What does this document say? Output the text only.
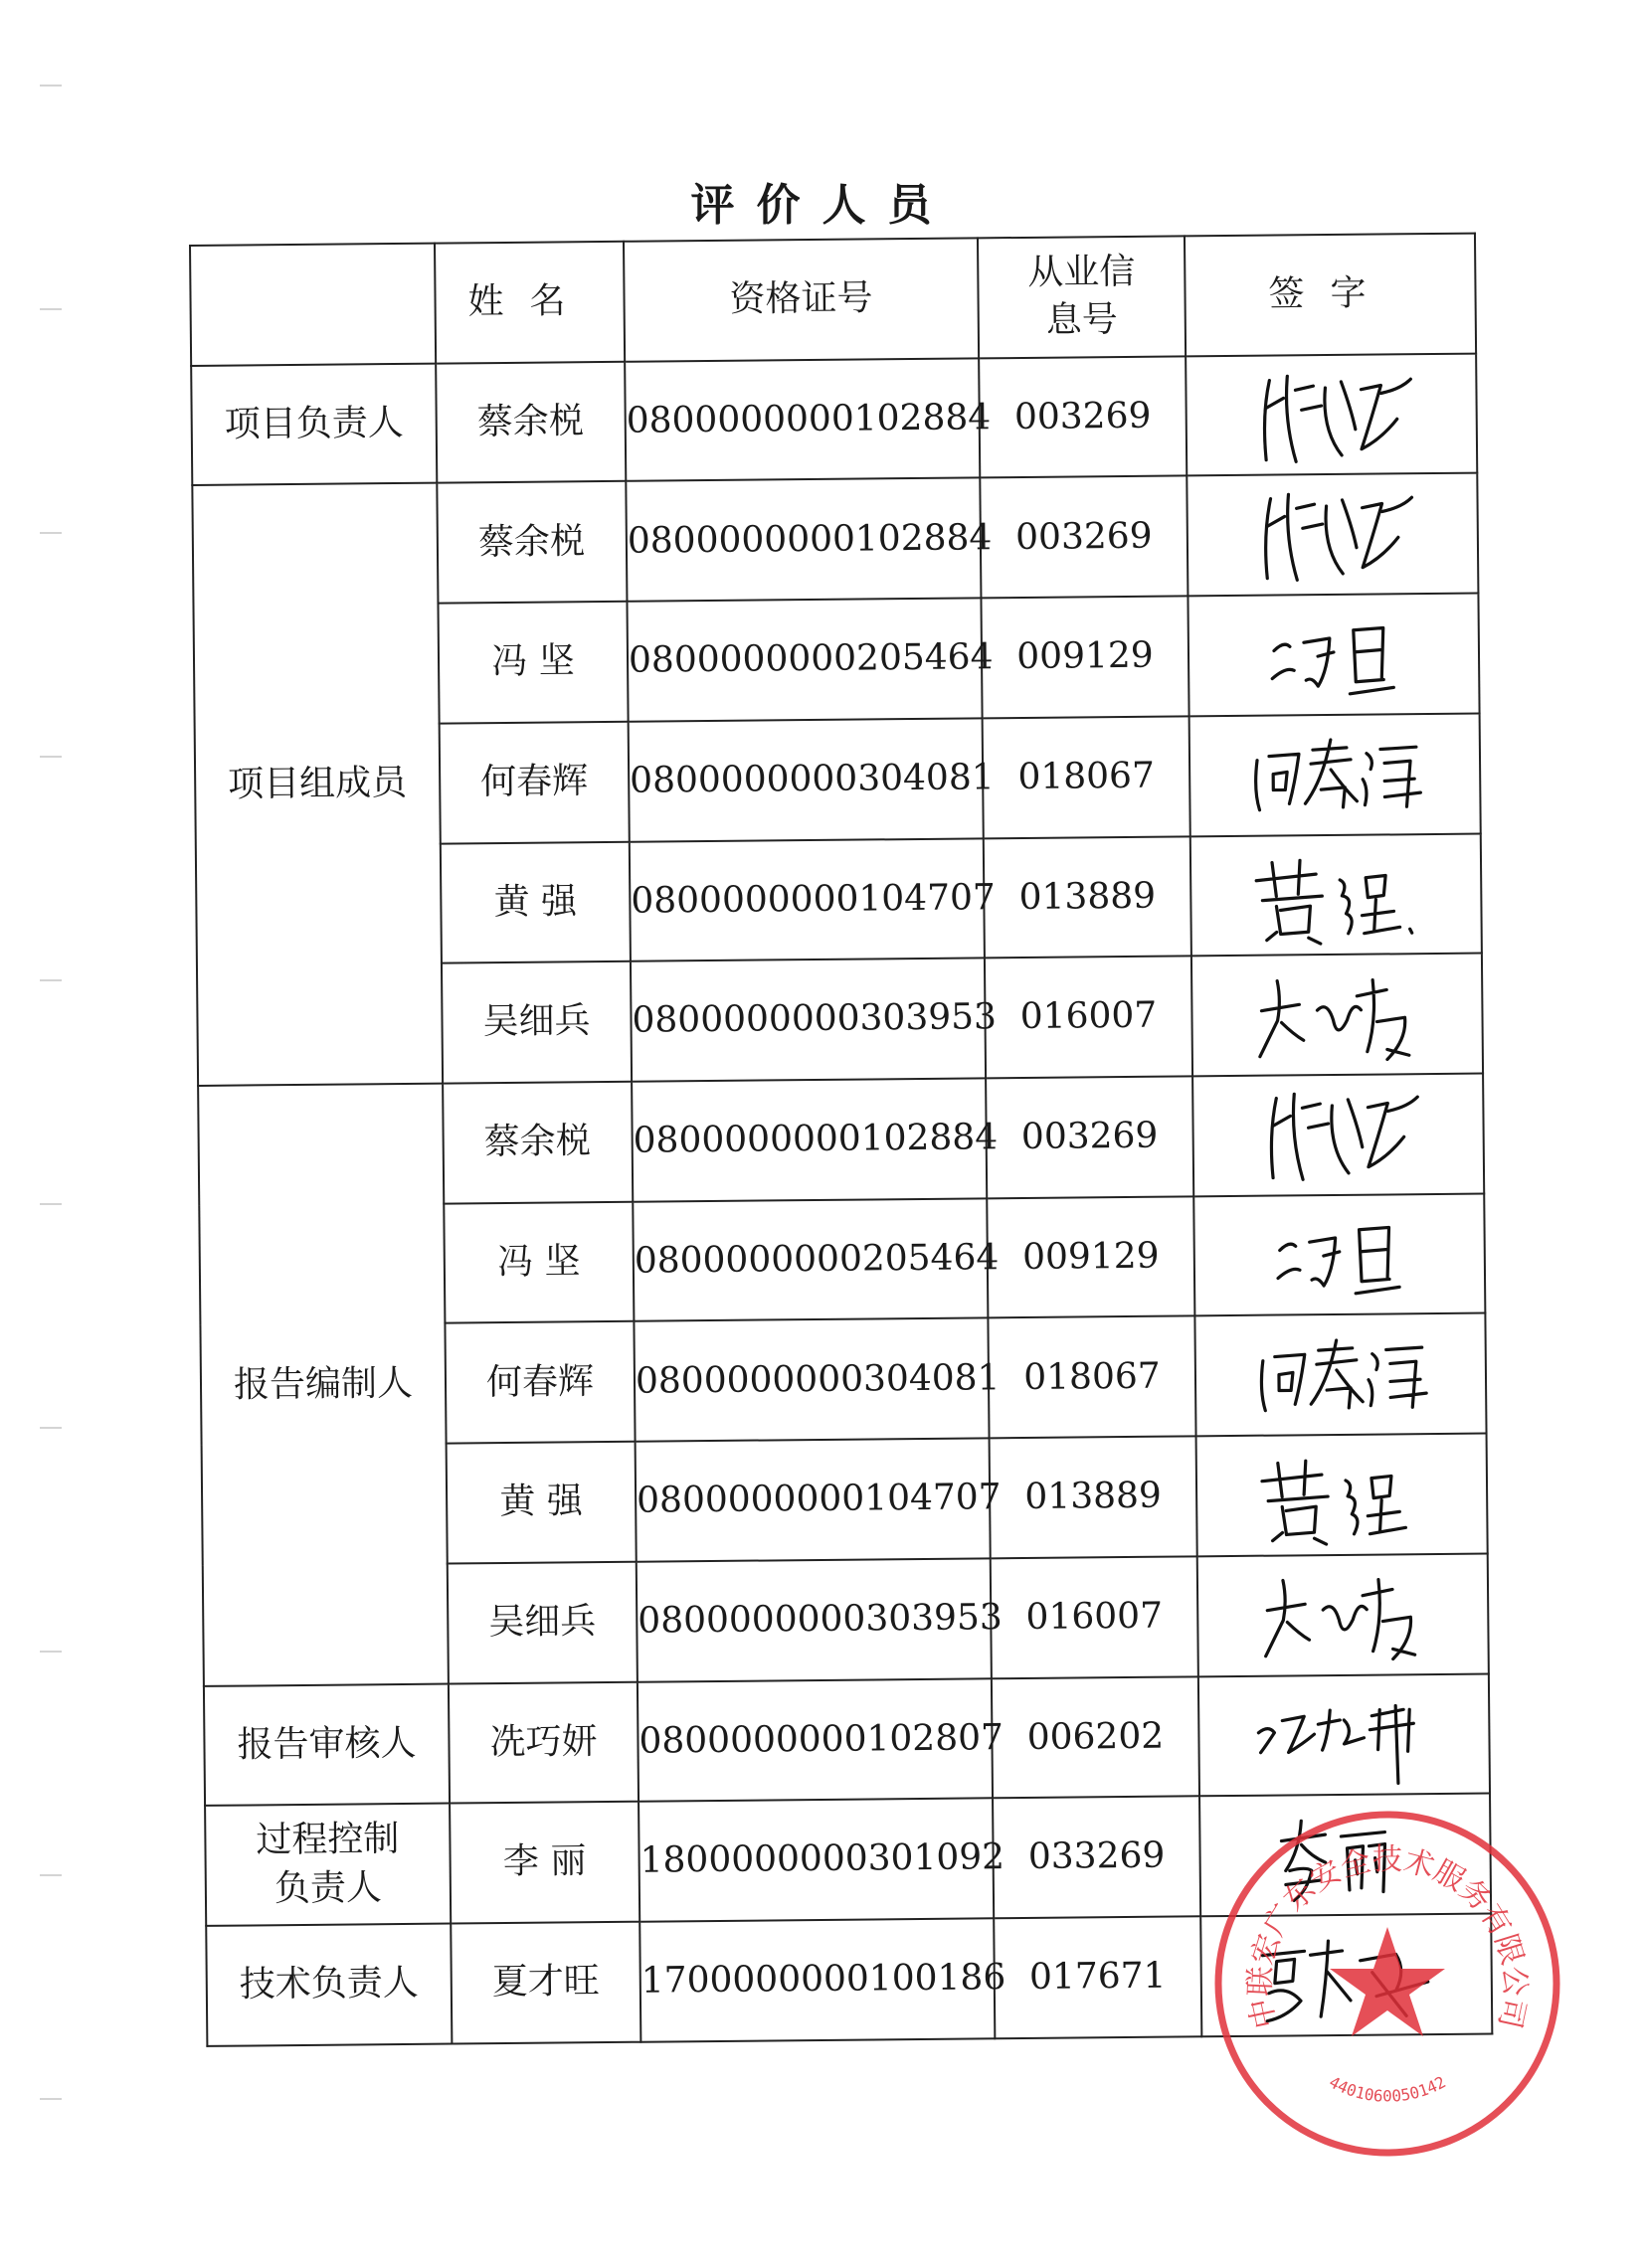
评价人员
	姓名	资格证号	从业信息号	签字
项目负责人	蔡余棁	0800000000102884	003269	

项目组成员	蔡余棁	0800000000102884	003269	

	冯 坚	0800000000205464	009129	

	何春辉	0800000000304081	018067	

	黄 强	0800000000104707	013889	

	吴细兵	0800000000303953	016007	

报告编制人	蔡余棁	0800000000102884	003269	

	冯 坚	0800000000205464	009129	

	何春辉	0800000000304081	018067	

	黄 强	0800000000104707	013889	

	吴细兵	0800000000303953	016007	

报告审核人	冼巧妍	0800000000102807	006202	

过程控制负责人	李 丽	1800000000301092	033269	

技术负责人	夏才旺	1700000000100186	017671	
中联宏广东安全技术服务有限公司
4401060050142
